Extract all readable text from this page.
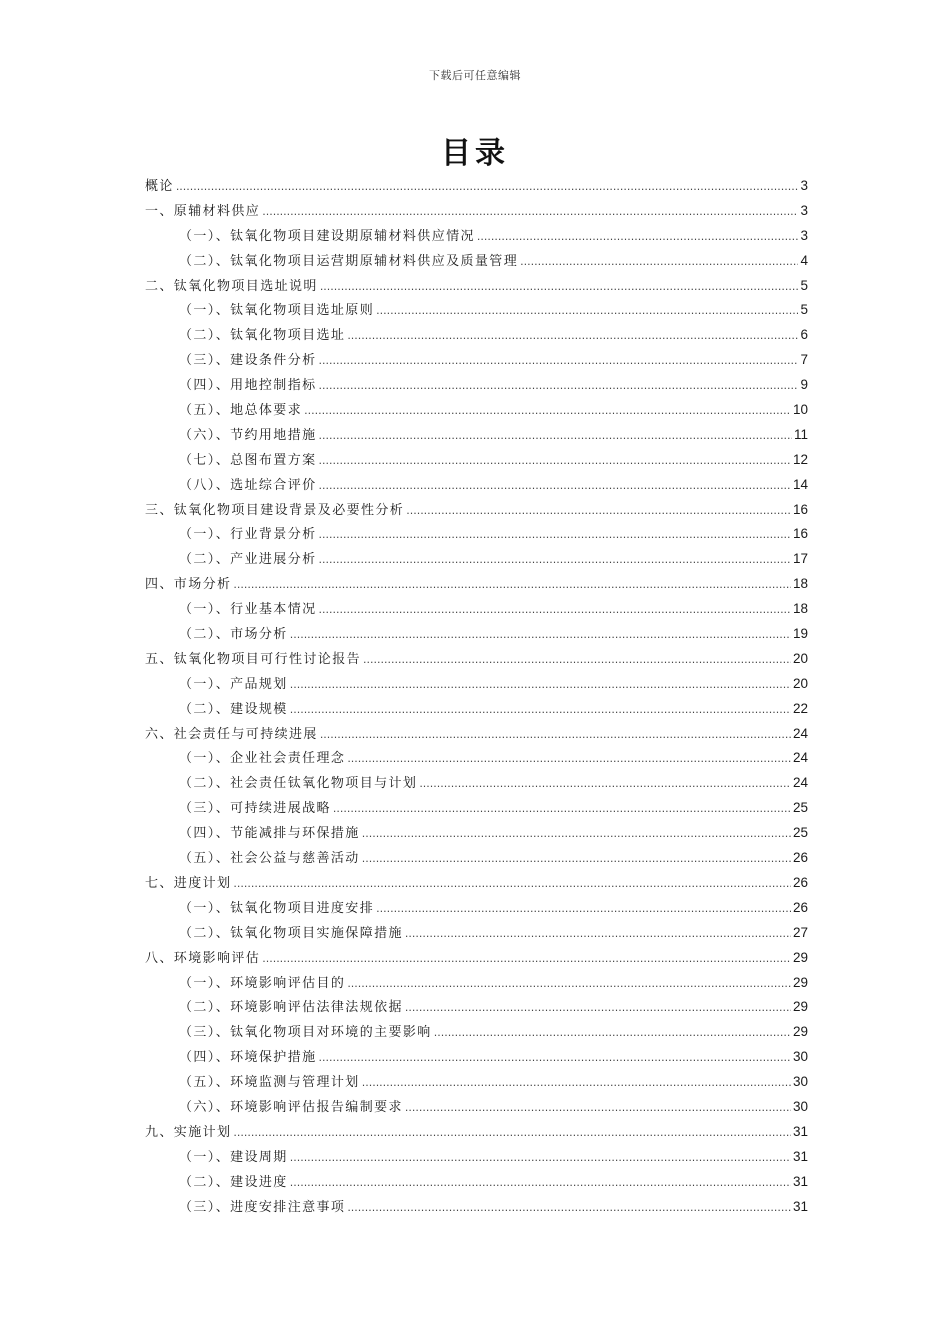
下载后可任意编辑
目录
概论 .....	3
一、原辅材料供应 .....	3
（一）、钛氧化物项目建设期原辅材料供应情况 .....	3
（二）、钛氧化物项目运营期原辅材料供应及质量管理 .....	4
二、钛氧化物项目选址说明 .....	5
（一）、钛氧化物项目选址原则 .....	5
（二）、钛氧化物项目选址 .....	6
（三）、建设条件分析 .....	7
（四）、用地控制指标 .....	9
（五）、地总体要求 .....	10
（六）、节约用地措施 .....	11
（七）、总图布置方案 .....	12
（八）、选址综合评价 .....	14
三、钛氧化物项目建设背景及必要性分析 .....	16
（一）、行业背景分析 .....	16
（二）、产业进展分析 .....	17
四、市场分析 .....	18
（一）、行业基本情况 .....	18
（二）、市场分析 .....	19
五、钛氧化物项目可行性讨论报告 .....	20
（一）、产品规划 .....	20
（二）、建设规模 .....	22
六、社会责任与可持续进展 .....	24
（一）、企业社会责任理念 .....	24
（二）、社会责任钛氧化物项目与计划 .....	24
（三）、可持续进展战略 .....	25
（四）、节能减排与环保措施 .....	25
（五）、社会公益与慈善活动 .....	26
七、进度计划 .....	26
（一）、钛氧化物项目进度安排 .....	26
（二）、钛氧化物项目实施保障措施 .....	27
八、环境影响评估 .....	29
（一）、环境影响评估目的 .....	29
（二）、环境影响评估法律法规依据 .....	29
（三）、钛氧化物项目对环境的主要影响 .....	29
（四）、环境保护措施 .....	30
（五）、环境监测与管理计划 .....	30
（六）、环境影响评估报告编制要求 .....	30
九、实施计划 .....	31
（一）、建设周期 .....	31
（二）、建设进度 .....	31
（三）、进度安排注意事项 .....	31
